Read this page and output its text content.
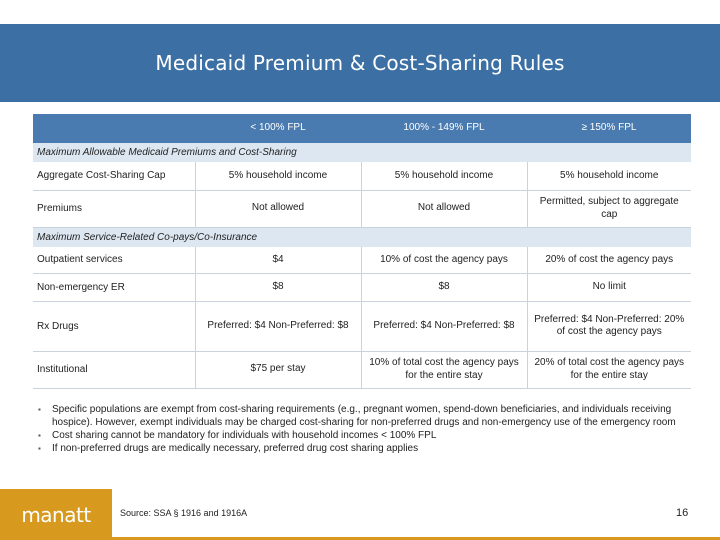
Medicaid Premium & Cost-Sharing Rules
	< 100% FPL	100% - 149% FPL	≥ 150% FPL
Maximum Allowable Medicaid Premiums and Cost-Sharing			
Aggregate Cost-Sharing Cap	5% household income	5% household income	5% household income
Premiums	Not allowed	Not allowed	Permitted, subject to aggregate cap
Maximum Service-Related Co-pays/Co-Insurance			
Outpatient services	$4	10% of cost the agency pays	20% of cost the agency pays
Non-emergency ER	$8	$8	No limit
Rx Drugs	Preferred: $4 Non-Preferred: $8	Preferred: $4 Non-Preferred: $8	Preferred: $4 Non-Preferred: 20% of cost the agency pays
Institutional	$75 per stay	10% of total cost the agency pays for the entire stay	20% of total cost the agency pays for the entire stay
▪ Specific populations are exempt from cost-sharing requirements (e.g., pregnant women, spend-down beneficiaries, and individuals receiving hospice). However, exempt individuals may be charged cost-sharing for non-preferred drugs and non-emergency use of the emergency room
▪ Cost sharing cannot be mandatory for individuals with household incomes < 100% FPL
▪ If non-preferred drugs are medically necessary, preferred drug cost sharing applies
manatt	Source: SSA § 1916 and 1916A	16
